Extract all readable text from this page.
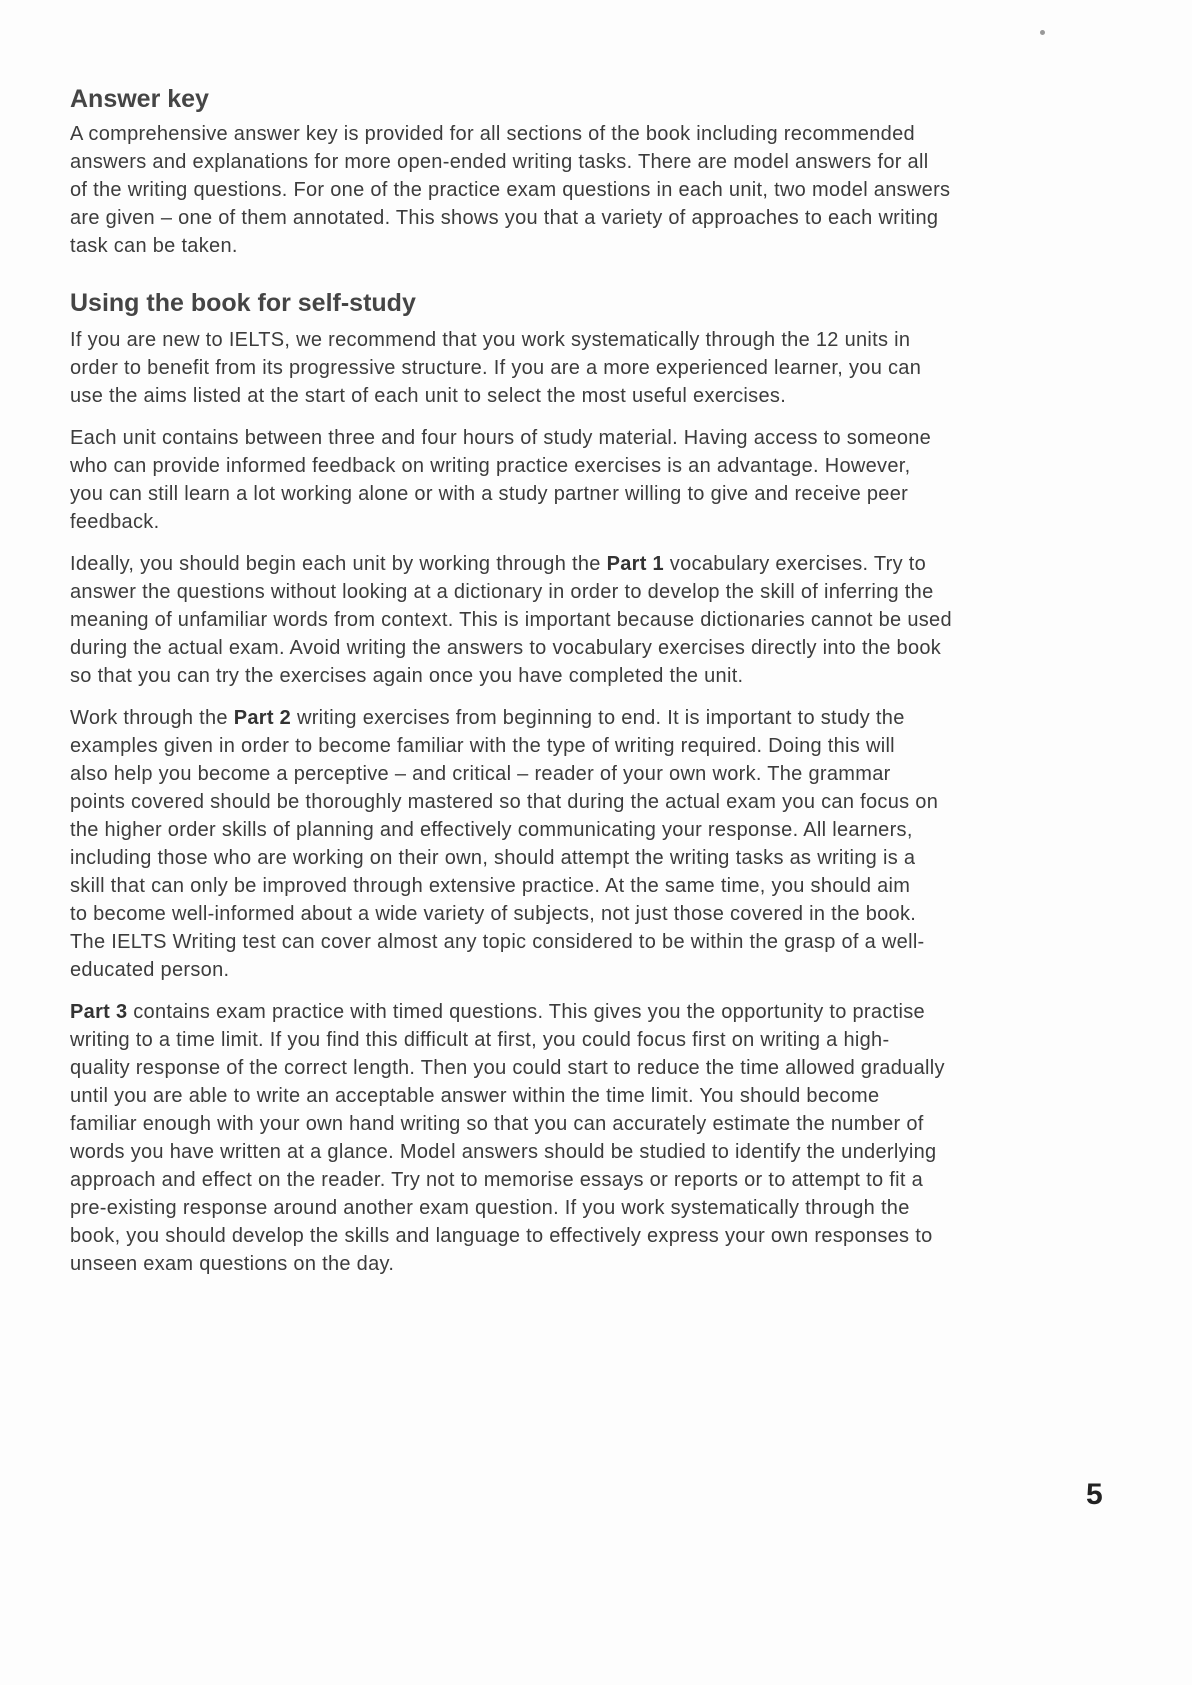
Answer key
A comprehensive answer key is provided for all sections of the book including recommended
answers and explanations for more open-ended writing tasks. There are model answers for all
of the writing questions. For one of the practice exam questions in each unit, two model answers
are given – one of them annotated. This shows you that a variety of approaches to each writing
task can be taken.
Using the book for self-study
If you are new to IELTS, we recommend that you work systematically through the 12 units in
order to benefit from its progressive structure. If you are a more experienced learner, you can
use the aims listed at the start of each unit to select the most useful exercises.
Each unit contains between three and four hours of study material. Having access to someone
who can provide informed feedback on writing practice exercises is an advantage. However,
you can still learn a lot working alone or with a study partner willing to give and receive peer
feedback.
Ideally, you should begin each unit by working through the Part 1 vocabulary exercises. Try to
answer the questions without looking at a dictionary in order to develop the skill of inferring the
meaning of unfamiliar words from context. This is important because dictionaries cannot be used
during the actual exam. Avoid writing the answers to vocabulary exercises directly into the book
so that you can try the exercises again once you have completed the unit.
Work through the Part 2 writing exercises from beginning to end. It is important to study the
examples given in order to become familiar with the type of writing required. Doing this will
also help you become a perceptive – and critical – reader of your own work. The grammar
points covered should be thoroughly mastered so that during the actual exam you can focus on
the higher order skills of planning and effectively communicating your response. All learners,
including those who are working on their own, should attempt the writing tasks as writing is a
skill that can only be improved through extensive practice. At the same time, you should aim
to become well-informed about a wide variety of subjects, not just those covered in the book.
The IELTS Writing test can cover almost any topic considered to be within the grasp of a well-
educated person.
Part 3 contains exam practice with timed questions. This gives you the opportunity to practise
writing to a time limit. If you find this difficult at first, you could focus first on writing a high-
quality response of the correct length. Then you could start to reduce the time allowed gradually
until you are able to write an acceptable answer within the time limit. You should become
familiar enough with your own hand writing so that you can accurately estimate the number of
words you have written at a glance. Model answers should be studied to identify the underlying
approach and effect on the reader. Try not to memorise essays or reports or to attempt to fit a
pre-existing response around another exam question. If you work systematically through the
book, you should develop the skills and language to effectively express your own responses to
unseen exam questions on the day.
5
